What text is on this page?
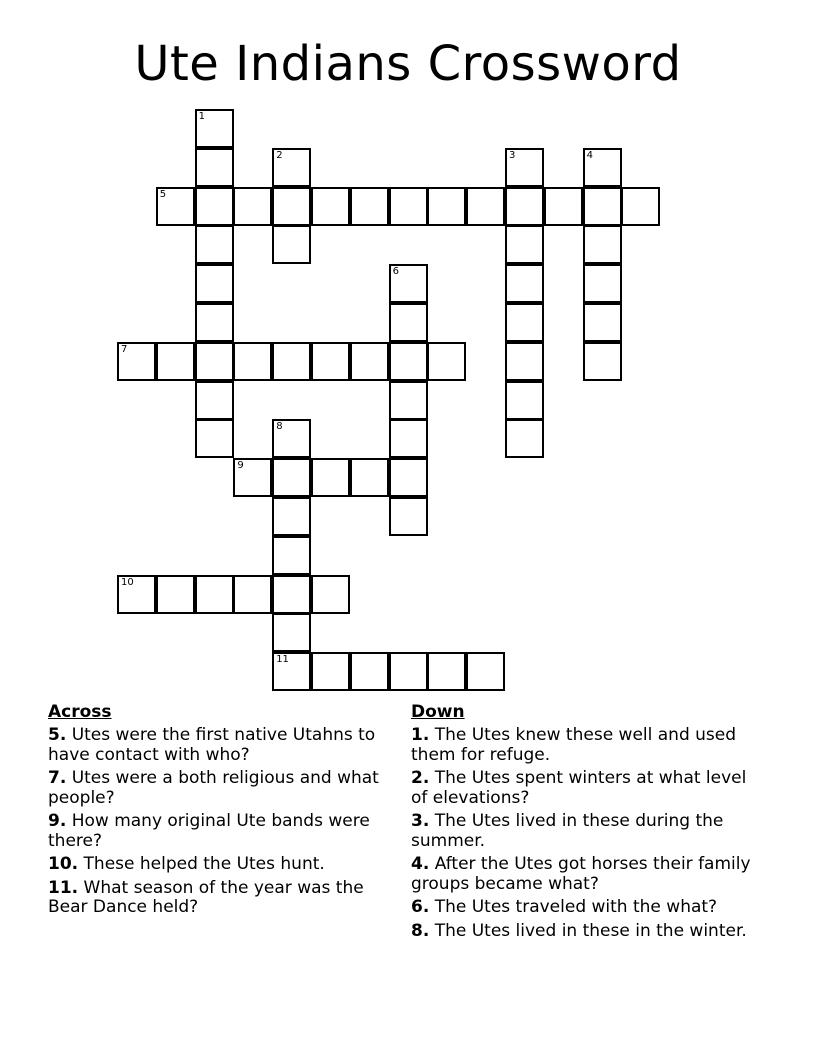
Ute Indians Crossword
1
2	3	4
5
6
7
8
9
10
11
Across
5. Utes were the first native Utahns to have contact with who?
7. Utes were a both religious and what people?
9. How many original Ute bands were there?
10. These helped the Utes hunt.
11. What season of the year was the Bear Dance held?
Down
1. The Utes knew these well and used them for refuge.
2. The Utes spent winters at what level of elevations?
3. The Utes lived in these during the summer.
4. After the Utes got horses their family groups became what?
6. The Utes traveled with the what?
8. The Utes lived in these in the winter.
